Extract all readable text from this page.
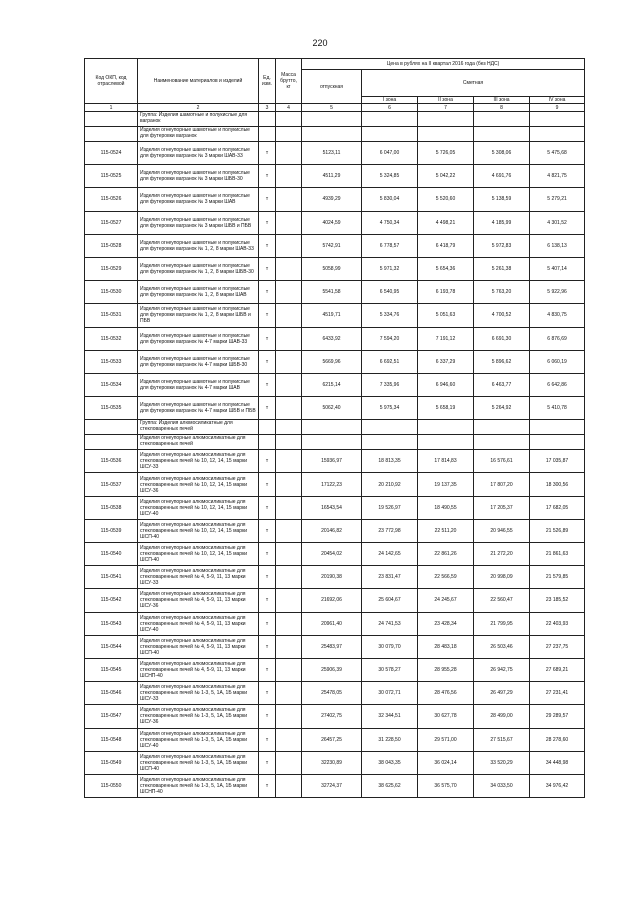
220
Код ОКП, код отраслевой	Наименование материалов и изделий	Ед. изм.	Масса брутто, кг	Цена в рублях на II квартал 2016 года (без НДС)				
				отпускная	Сметная			
					I зона	II зона	III зона	IV зона
1	2	3	4	5	6	7	8	9
	Группа: Изделия шамотные и полукислые для вагранок							
	Изделия огнеупорные шамотные и полукислые для футеровки вагранок							
115-0524	Изделия огнеупорные шамотные и полукислые для футеровки вагранок № 3 марки ШАВ-33	т		5123,11	6 047,00	5 726,05	5 308,06	5 475,68
115-0525	Изделия огнеупорные шамотные и полукислые для футеровки вагранок № 3 марки ШБВ-30	т		4511,29	5 324,85	5 042,22	4 691,76	4 821,75
115-0526	Изделия огнеупорные шамотные и полукислые для футеровки вагранок № 3 марки ШАВ	т		4939,29	5 830,04	5 520,60	5 138,59	5 279,21
115-0527	Изделия огнеупорные шамотные и полукислые для футеровки вагранок № 3 марки ШБВ и ПБВ	т		4024,59	4 750,34	4 498,21	4 185,99	4 301,52
115-0528	Изделия огнеупорные шамотные и полукислые для футеровки вагранок № 1, 2, 8 марки ШАВ-33	т		5742,91	6 778,57	6 418,79	5 972,83	6 138,13
115-0529	Изделия огнеупорные шамотные и полукислые для футеровки вагранок № 1, 2, 8 марки ШБВ-30	т		5058,99	5 971,32	5 654,36	5 261,38	5 407,14
115-0530	Изделия огнеупорные шамотные и полукислые для футеровки вагранок № 1, 2, 8 марки ШАВ	т		5541,58	6 540,95	6 193,78	5 763,20	5 922,96
115-0531	Изделия огнеупорные шамотные и полукислые для футеровки вагранок № 1, 2, 8 марки ШБВ и ПБВ	т		4519,71	5 334,76	5 051,63	4 700,52	4 830,75
115-0532	Изделия огнеупорные шамотные и полукислые для футеровки вагранок № 4-7 марки ШАВ-33	т		6433,92	7 594,20	7 191,12	6 691,30	6 876,69
115-0533	Изделия огнеупорные шамотные и полукислые для футеровки вагранок № 4-7 марки ШБВ-30	т		5669,96	6 692,51	6 337,29	5 896,62	6 060,19
115-0534	Изделия огнеупорные шамотные и полукислые для футеровки вагранок № 4-7 марки ШАВ	т		6215,14	7 335,96	6 946,60	6 463,77	6 642,86
115-0535	Изделия огнеупорные шамотные и полукислые для футеровки вагранок № 4-7 марки ШБВ и ПБВ	т		5062,40	5 975,34	5 658,19	5 264,92	5 410,78
	Группа: Изделия алюмосиликатные для стекловаренных печей							
	Изделия огнеупорные алюмосиликатные для стекловаренных печей							
115-0536	Изделия огнеупорные алюмосиликатные для стекловаренных печей № 10, 12, 14, 15 марки ШСУ-33	т		15936,97	18 813,35	17 814,83	16 576,61	17 035,87
115-0537	Изделия огнеупорные алюмосиликатные для стекловаренных печей № 10, 12, 14, 15 марки ШСУ-36	т		17122,23	20 210,92	19 137,35	17 807,20	18 300,56
115-0538	Изделия огнеупорные алюмосиликатные для стекловаренных печей № 10, 12, 14, 15 марки ШСУ-40	т		16543,54	19 526,97	18 490,55	17 205,37	17 682,05
115-0539	Изделия огнеупорные алюмосиликатные для стекловаренных печей № 10, 12, 14, 15 марки ШСП-40	т		20146,82	23 772,98	22 511,20	20 946,55	21 526,89
115-0540	Изделия огнеупорные алюмосиликатные для стекловаренных печей № 10, 12, 14, 15 марки ШСП-40	т		20454,02	24 142,65	22 861,26	21 272,20	21 861,63
115-0541	Изделия огнеупорные алюмосиликатные для стекловаренных печей № 4, 5-9, 11, 13 марки ШСУ-33	т		20190,38	23 831,47	22 566,59	20 998,09	21 579,85
115-0542	Изделия огнеупорные алюмосиликатные для стекловаренных печей № 4, 5-9, 11, 13 марки ШСУ-36	т		21692,06	25 604,67	24 245,67	22 560,47	23 185,52
115-0543	Изделия огнеупорные алюмосиликатные для стекловаренных печей № 4, 5-9, 11, 13 марки ШСУ-40	т		20961,40	24 741,53	23 428,34	21 799,95	22 403,93
115-0544	Изделия огнеупорные алюмосиликатные для стекловаренных печей № 4, 5-9, 11, 13 марки ШСП-40	т		25483,97	30 079,70	28 483,18	26 503,46	27 237,75
115-0545	Изделия огнеупорные алюмосиликатные для стекловаренных печей № 4, 5-9, 11, 13 марки ШСНП-40	т		25906,39	30 578,27	28 955,28	26 942,75	27 689,21
115-0546	Изделия огнеупорные алюмосиликатные для стекловаренных печей № 1-3, 5, 1А, 1Б марки ШСУ-33	т		25478,05	30 072,71	28 476,56	26 497,29	27 231,41
115-0547	Изделия огнеупорные алюмосиликатные для стекловаренных печей № 1-3, 5, 1А, 1Б марки ШСУ-36	т		27402,75	32 344,51	30 627,78	28 499,00	29 289,57
115-0548	Изделия огнеупорные алюмосиликатные для стекловаренных печей № 1-3, 5, 1А, 1Б марки ШСУ-40	т		26457,25	31 228,50	29 571,00	27 515,67	28 278,60
115-0549	Изделия огнеупорные алюмосиликатные для стекловаренных печей № 1-3, 5, 1А, 1Б марки ШСП-40	т		32230,89	38 043,35	36 024,14	33 520,29	34 448,98
115-0550	Изделия огнеупорные алюмосиликатные для стекловаренных печей № 1-3, 5, 1А, 1Б марки ШСНП-40	т		32724,37	38 625,62	36 575,70	34 033,50	34 976,42
